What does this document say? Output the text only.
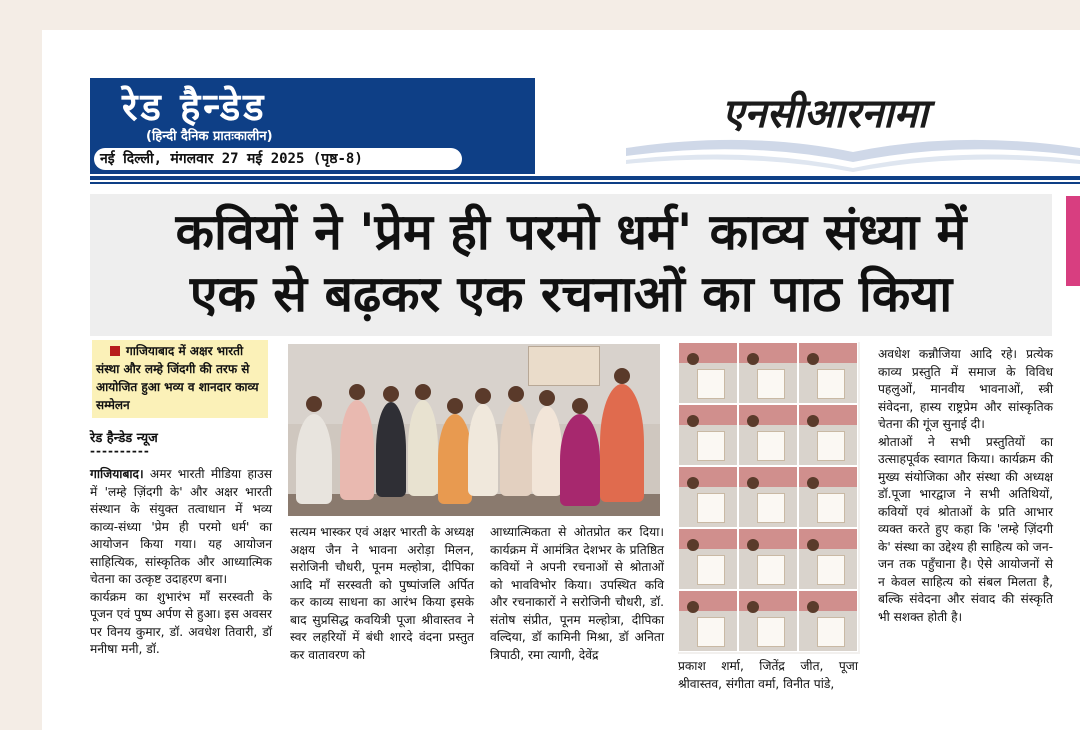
रेड हैन्डेड
(हिन्दी दैनिक प्रातःकालीन)
नई दिल्ली, मंगलवार 27 मई 2025 (पृष्ठ-8)
एनसीआरनामा
कवियों ने 'प्रेम ही परमो धर्म' काव्य संध्या में
एक से बढ़कर एक रचनाओं का पाठ किया
गाजियाबाद में अक्षर भारती संस्था और लम्हे जिंदगी की तरफ से आयोजित हुआ भव्य व शानदार काव्य सम्मेलन
रेड हैन्डेड न्यूज
----------

गाजियाबाद। अमर भारती मीडिया हाउस में 'लम्हे ज़िंदगी के' और अक्षर भारती संस्थान के संयुक्त तत्वाधान में भव्य काव्य-संध्या 'प्रेम ही परमो धर्म' का आयोजन किया गया। यह आयोजन साहित्यिक, सांस्कृतिक और आध्यात्मिक चेतना का उत्कृष्ट उदाहरण बना।

कार्यक्रम का शुभारंभ माँ सरस्वती के पूजन एवं पुष्प अर्पण से हुआ। इस अवसर पर विनय कुमार, डॉ. अवधेश तिवारी, डॉ मनीषा मनी, डॉ.

सत्यम भास्कर एवं अक्षर भारती के अध्यक्ष अक्षय जैन ने भावना अरोड़ा मिलन, सरोजिनी चौधरी, पूनम मल्होत्रा, दीपिका आदि माँ सरस्वती को पुष्पांजलि अर्पित कर काव्य साधना का आरंभ किया इसके बाद सुप्रसिद्ध कवयित्री पूजा श्रीवास्तव ने स्वर लहरियों में बंधी शारदे वंदना प्रस्तुत कर वातावरण को
आध्यात्मिकता से ओतप्रोत कर दिया। कार्यक्रम में आमंत्रित देशभर के प्रतिष्ठित कवियों ने अपनी रचनाओं से श्रोताओं को भावविभोर किया। उपस्थित कवि और रचनाकारों ने सरोजिनी चौधरी, डॉ. संतोष संप्रीत, पूनम मल्होत्रा, दीपिका वल्दिया, डॉ कामिनी मिश्रा, डॉ अनिता त्रिपाठी, रमा त्यागी, देवेंद्र
प्रकाश शर्मा, जितेंद्र जीत, पूजा श्रीवास्तव, संगीता वर्मा, विनीत पांडे,

अवधेश कन्नौजिया आदि रहे। प्रत्येक काव्य प्रस्तुति में समाज के विविध पहलुओं, मानवीय भावनाओं, स्त्री संवेदना, हास्य राष्ट्रप्रेम और सांस्कृतिक चेतना की गूंज सुनाई दी।

श्रोताओं ने सभी प्रस्तुतियों का उत्साहपूर्वक स्वागत किया। कार्यक्रम की मुख्य संयोजिका और संस्था की अध्यक्ष डॉ.पूजा भारद्वाज ने सभी अतिथियों, कवियों एवं श्रोताओं के प्रति आभार व्यक्त करते हुए कहा कि 'लम्हे ज़िंदगी के' संस्था का उद्देश्य ही साहित्य को जन-जन तक पहुँचाना है। ऐसे आयोजनों से न केवल साहित्य को संबल मिलता है, बल्कि संवेदना और संवाद की संस्कृति भी सशक्त होती है।
